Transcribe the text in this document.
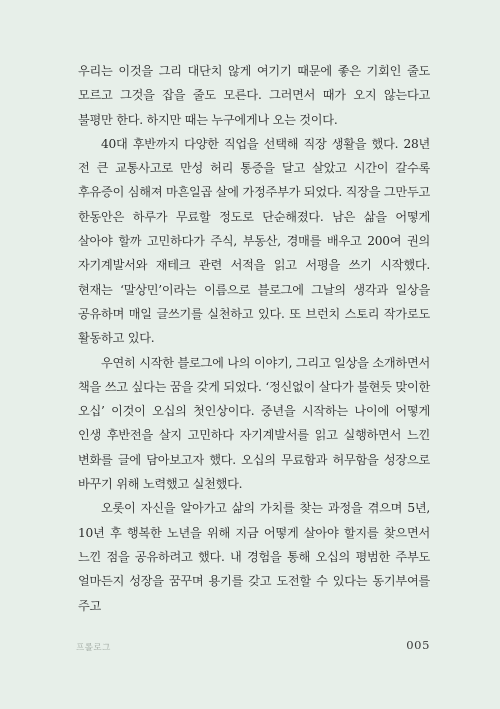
우리는 이것을 그리 대단치 않게 여기기 때문에 좋은 기회인 줄도 모르고 그것을 잡을 줄도 모른다. 그러면서 때가 오지 않는다고 불평만 한다. 하지만 때는 누구에게나 오는 것이다.

40대 후반까지 다양한 직업을 선택해 직장 생활을 했다. 28년 전 큰 교통사고로 만성 허리 통증을 달고 살았고 시간이 갈수록 후유증이 심해져 마흔일곱 살에 가정주부가 되었다. 직장을 그만두고 한동안은 하루가 무료할 정도로 단순해졌다. 남은 삶을 어떻게 살아야 할까 고민하다가 주식, 부동산, 경매를 배우고 200여 권의 자기계발서와 재테크 관련 서적을 읽고 서평을 쓰기 시작했다. 현재는 ‘말상민’이라는 이름으로 블로그에 그날의 생각과 일상을 공유하며 매일 글쓰기를 실천하고 있다. 또 브런치 스토리 작가로도 활동하고 있다.

우연히 시작한 블로그에 나의 이야기, 그리고 일상을 소개하면서 책을 쓰고 싶다는 꿈을 갖게 되었다. ‘정신없이 살다가 불현듯 맞이한 오십’ 이것이 오십의 첫인상이다. 중년을 시작하는 나이에 어떻게 인생 후반전을 살지 고민하다 자기계발서를 읽고 실행하면서 느낀 변화를 글에 담아보고자 했다. 오십의 무료함과 허무함을 성장으로 바꾸기 위해 노력했고 실천했다.

오롯이 자신을 알아가고 삶의 가치를 찾는 과정을 겪으며 5년, 10년 후 행복한 노년을 위해 지금 어떻게 살아야 할지를 찾으면서 느낀 점을 공유하려고 했다. 내 경험을 통해 오십의 평범한 주부도 얼마든지 성장을 꿈꾸며 용기를 갖고 도전할 수 있다는 동기부여를 주고

프롤로그	005
